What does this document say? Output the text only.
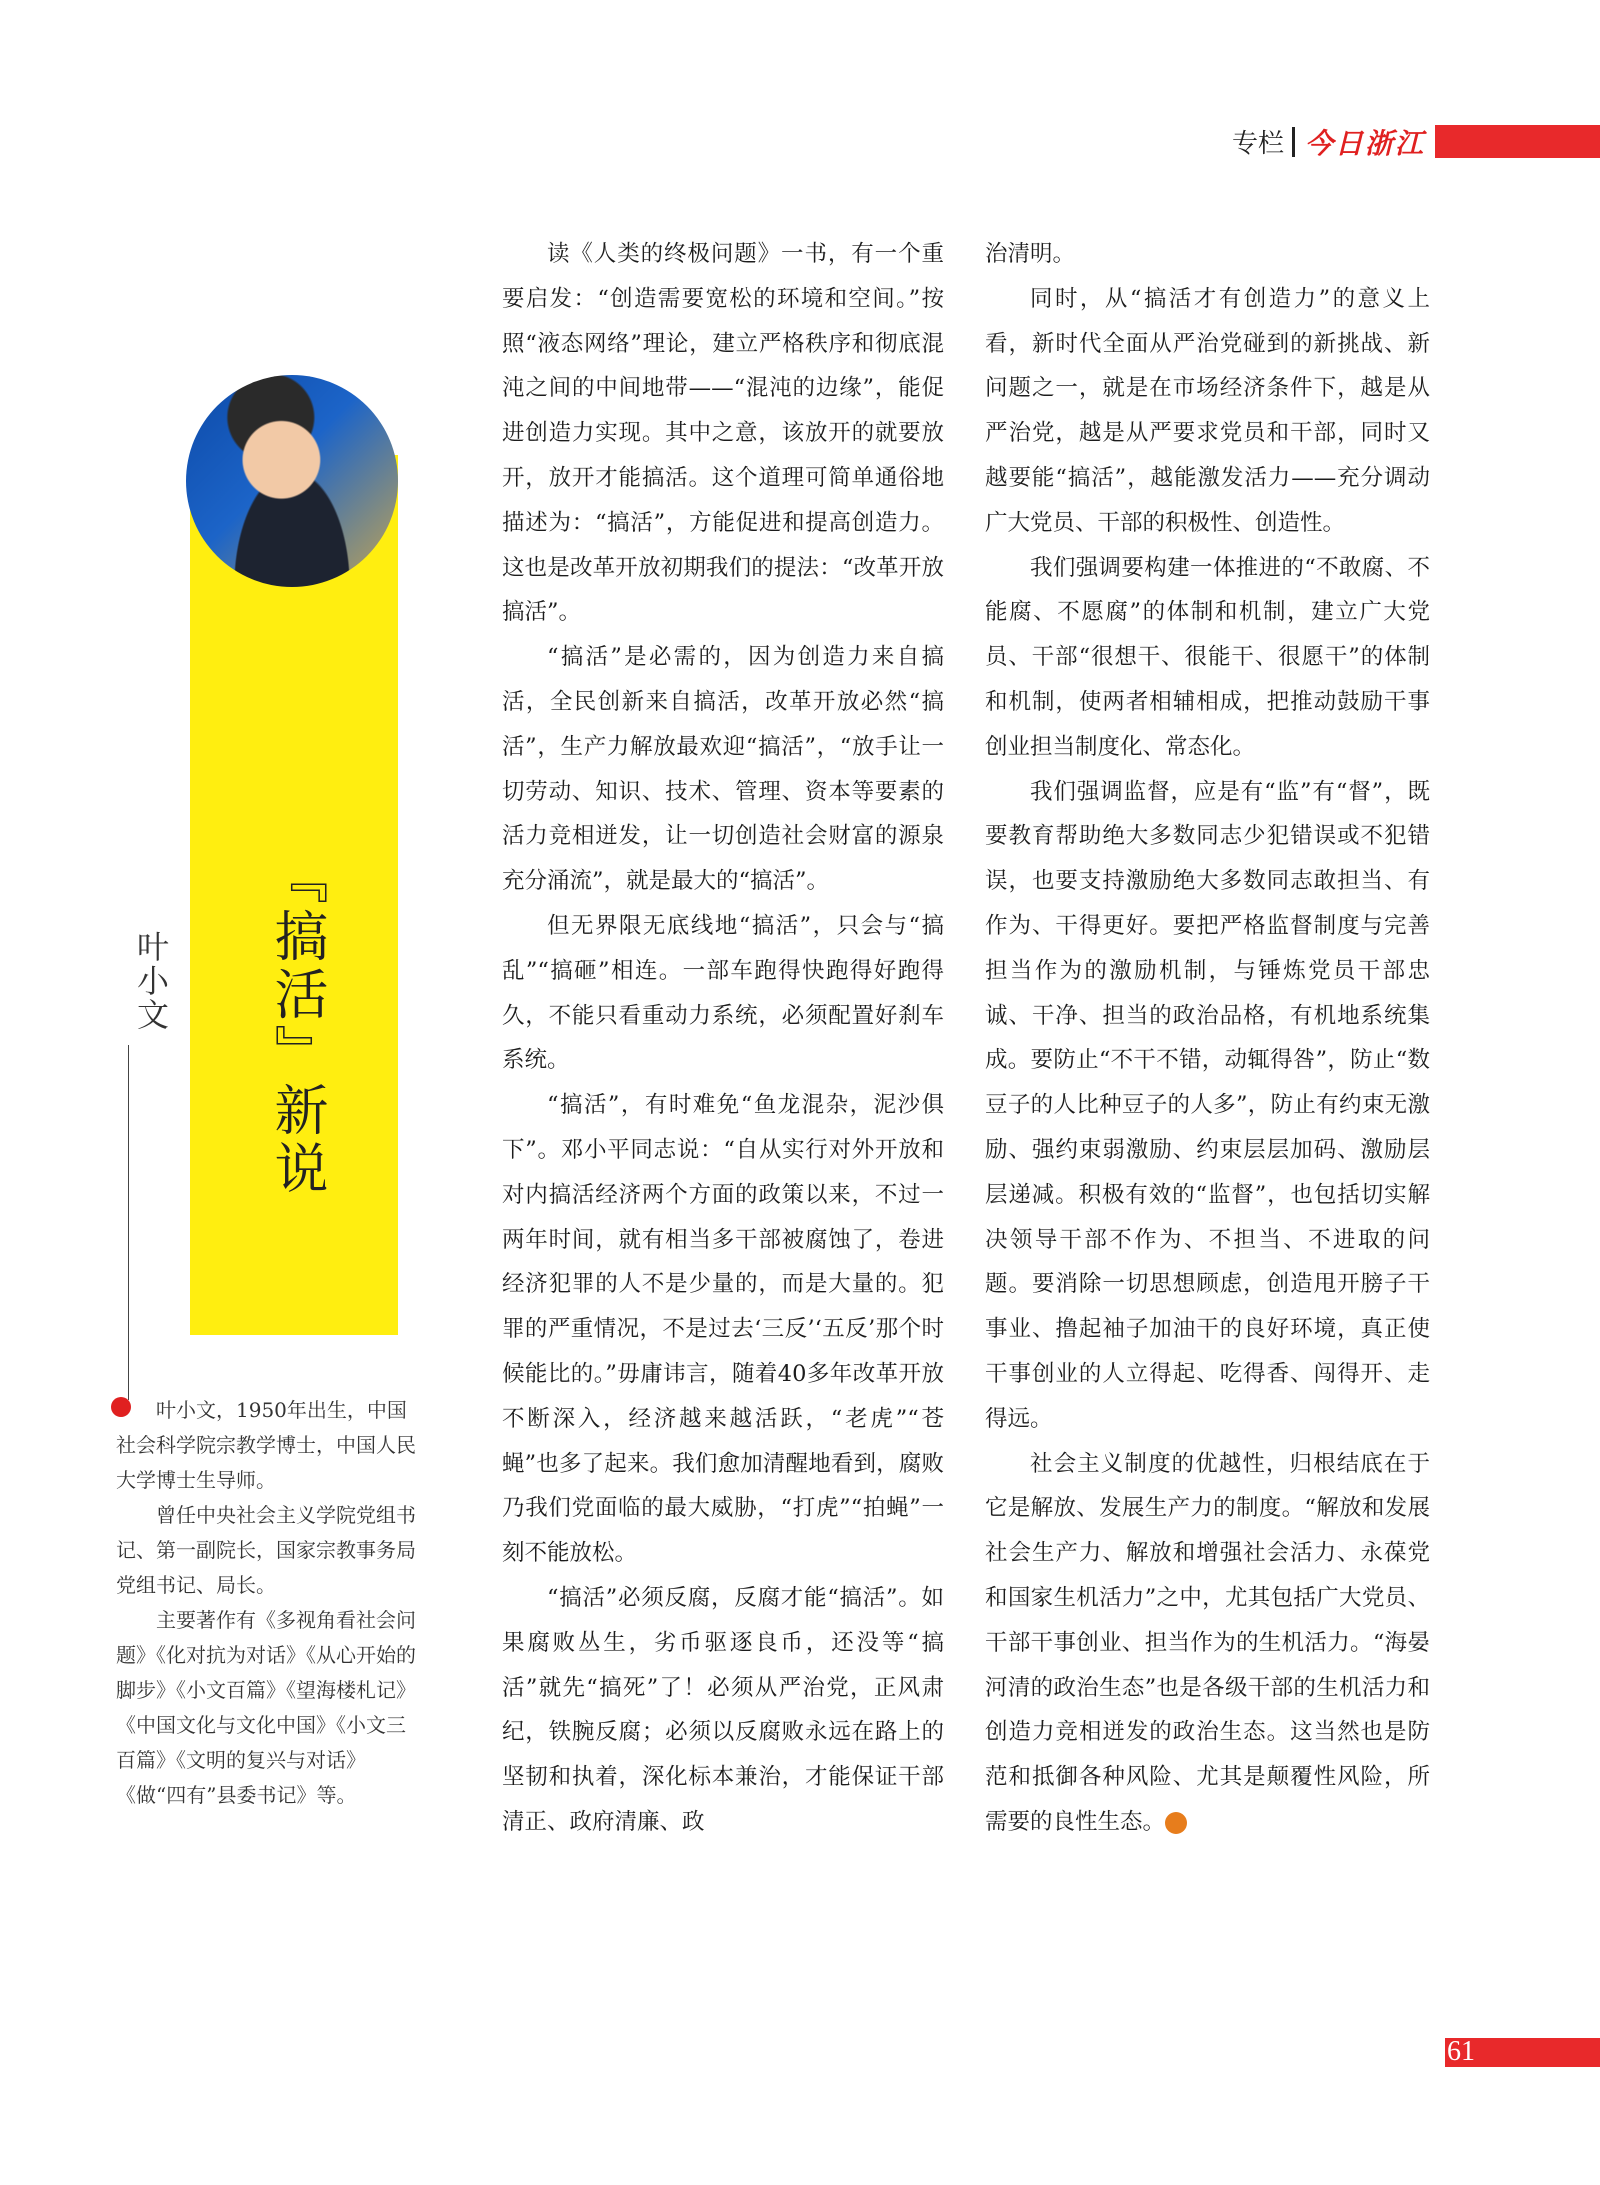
专栏 今日浙江
『搞活』新说
叶小文

叶小文，1950年出生，中国社会科学院宗教学博士，中国人民大学博士生导师。

曾任中央社会主义学院党组书记、第一副院长，国家宗教事务局党组书记、局长。

主要著作有《多视角看社会问题》《化对抗为对话》《从心开始的脚步》《小文百篇》《望海楼札记》《中国文化与文化中国》《小文三百篇》《文明的复兴与对话》《做“四有”县委书记》等。

读《人类的终极问题》一书，有一个重要启发：“创造需要宽松的环境和空间。”按照“液态网络”理论，建立严格秩序和彻底混沌之间的中间地带——“混沌的边缘”，能促进创造力实现。其中之意，该放开的就要放开，放开才能搞活。这个道理可简单通俗地描述为：“搞活”，方能促进和提高创造力。这也是改革开放初期我们的提法：“改革开放搞活”。

“搞活”是必需的，因为创造力来自搞活，全民创新来自搞活，改革开放必然“搞活”，生产力解放最欢迎“搞活”，“放手让一切劳动、知识、技术、管理、资本等要素的活力竞相迸发，让一切创造社会财富的源泉充分涌流”，就是最大的“搞活”。

但无界限无底线地“搞活”，只会与“搞乱”“搞砸”相连。一部车跑得快跑得好跑得久，不能只看重动力系统，必须配置好刹车系统。

“搞活”，有时难免“鱼龙混杂，泥沙俱下”。邓小平同志说：“自从实行对外开放和对内搞活经济两个方面的政策以来，不过一两年时间，就有相当多干部被腐蚀了，卷进经济犯罪的人不是少量的，而是大量的。犯罪的严重情况，不是过去‘三反’‘五反’那个时候能比的。”毋庸讳言，随着40多年改革开放不断深入，经济越来越活跃，“老虎”“苍蝇”也多了起来。我们愈加清醒地看到，腐败乃我们党面临的最大威胁，“打虎”“拍蝇”一刻不能放松。

“搞活”必须反腐，反腐才能“搞活”。如果腐败丛生，劣币驱逐良币，还没等“搞活”就先“搞死”了！必须从严治党，正风肃纪，铁腕反腐；必须以反腐败永远在路上的坚韧和执着，深化标本兼治，才能保证干部清正、政府清廉、政

治清明。

同时，从“搞活才有创造力”的意义上看，新时代全面从严治党碰到的新挑战、新问题之一，就是在市场经济条件下，越是从严治党，越是从严要求党员和干部，同时又越要能“搞活”，越能激发活力——充分调动广大党员、干部的积极性、创造性。

我们强调要构建一体推进的“不敢腐、不能腐、不愿腐”的体制和机制，建立广大党员、干部“很想干、很能干、很愿干”的体制和机制，使两者相辅相成，把推动鼓励干事创业担当制度化、常态化。

我们强调监督，应是有“监”有“督”，既要教育帮助绝大多数同志少犯错误或不犯错误，也要支持激励绝大多数同志敢担当、有作为、干得更好。要把严格监督制度与完善担当作为的激励机制，与锤炼党员干部忠诚、干净、担当的政治品格，有机地系统集成。要防止“不干不错，动辄得咎”，防止“数豆子的人比种豆子的人多”，防止有约束无激励、强约束弱激励、约束层层加码、激励层层递减。积极有效的“监督”，也包括切实解决领导干部不作为、不担当、不进取的问题。要消除一切思想顾虑，创造甩开膀子干事业、撸起袖子加油干的良好环境，真正使干事创业的人立得起、吃得香、闯得开、走得远。

社会主义制度的优越性，归根结底在于它是解放、发展生产力的制度。“解放和发展社会生产力、解放和增强社会活力、永葆党和国家生机活力”之中，尤其包括广大党员、干部干事创业、担当作为的生机活力。“海晏河清的政治生态”也是各级干部的生机活力和创造力竞相迸发的政治生态。这当然也是防范和抵御各种风险、尤其是颠覆性风险，所需要的良性生态。	今

61
